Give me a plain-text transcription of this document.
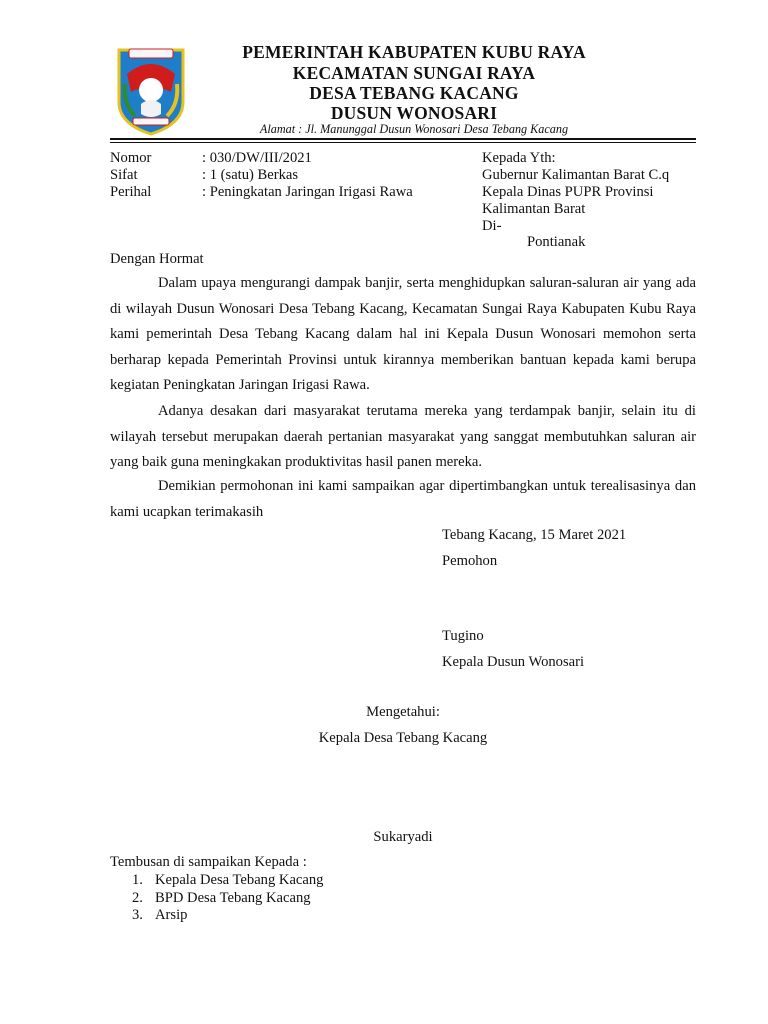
PEMERINTAH KABUPATEN KUBU RAYA
KECAMATAN SUNGAI RAYA
DESA TEBANG KACANG
DUSUN WONOSARI
Alamat : Jl. Manunggal Dusun Wonosari Desa Tebang Kacang
Nomor	: 030/DW/III/2021
Sifat	: 1 (satu) Berkas
Perihal	: Peningkatan Jaringan Irigasi Rawa
Kepada Yth:
Gubernur Kalimantan Barat C.q
Kepala Dinas PUPR Provinsi
Kalimantan Barat
Di-
Pontianak
Dengan Hormat

Dalam upaya mengurangi dampak banjir, serta menghidupkan saluran-saluran air yang ada di wilayah Dusun Wonosari Desa Tebang Kacang, Kecamatan Sungai Raya Kabupaten Kubu Raya kami pemerintah Desa Tebang Kacang dalam hal ini Kepala Dusun Wonosari memohon serta berharap kepada Pemerintah Provinsi untuk kirannya memberikan bantuan kepada kami berupa kegiatan Peningkatan Jaringan Irigasi Rawa.

Adanya desakan dari masyarakat terutama mereka yang terdampak banjir, selain itu di wilayah tersebut merupakan daerah pertanian masyarakat yang sanggat membutuhkan saluran air yang baik guna meningkakan produktivitas hasil panen mereka.

Demikian permohonan ini kami sampaikan agar dipertimbangkan untuk terealisasinya dan kami ucapkan terimakasih

Tebang Kacang, 15 Maret 2021
Pemohon
Tugino
Kepala Dusun Wonosari
Mengetahui:
Kepala Desa Tebang Kacang
Sukaryadi
Tembusan di sampaikan Kepada :
1. Kepala Desa Tebang Kacang
2. BPD Desa Tebang Kacang
3. Arsip
